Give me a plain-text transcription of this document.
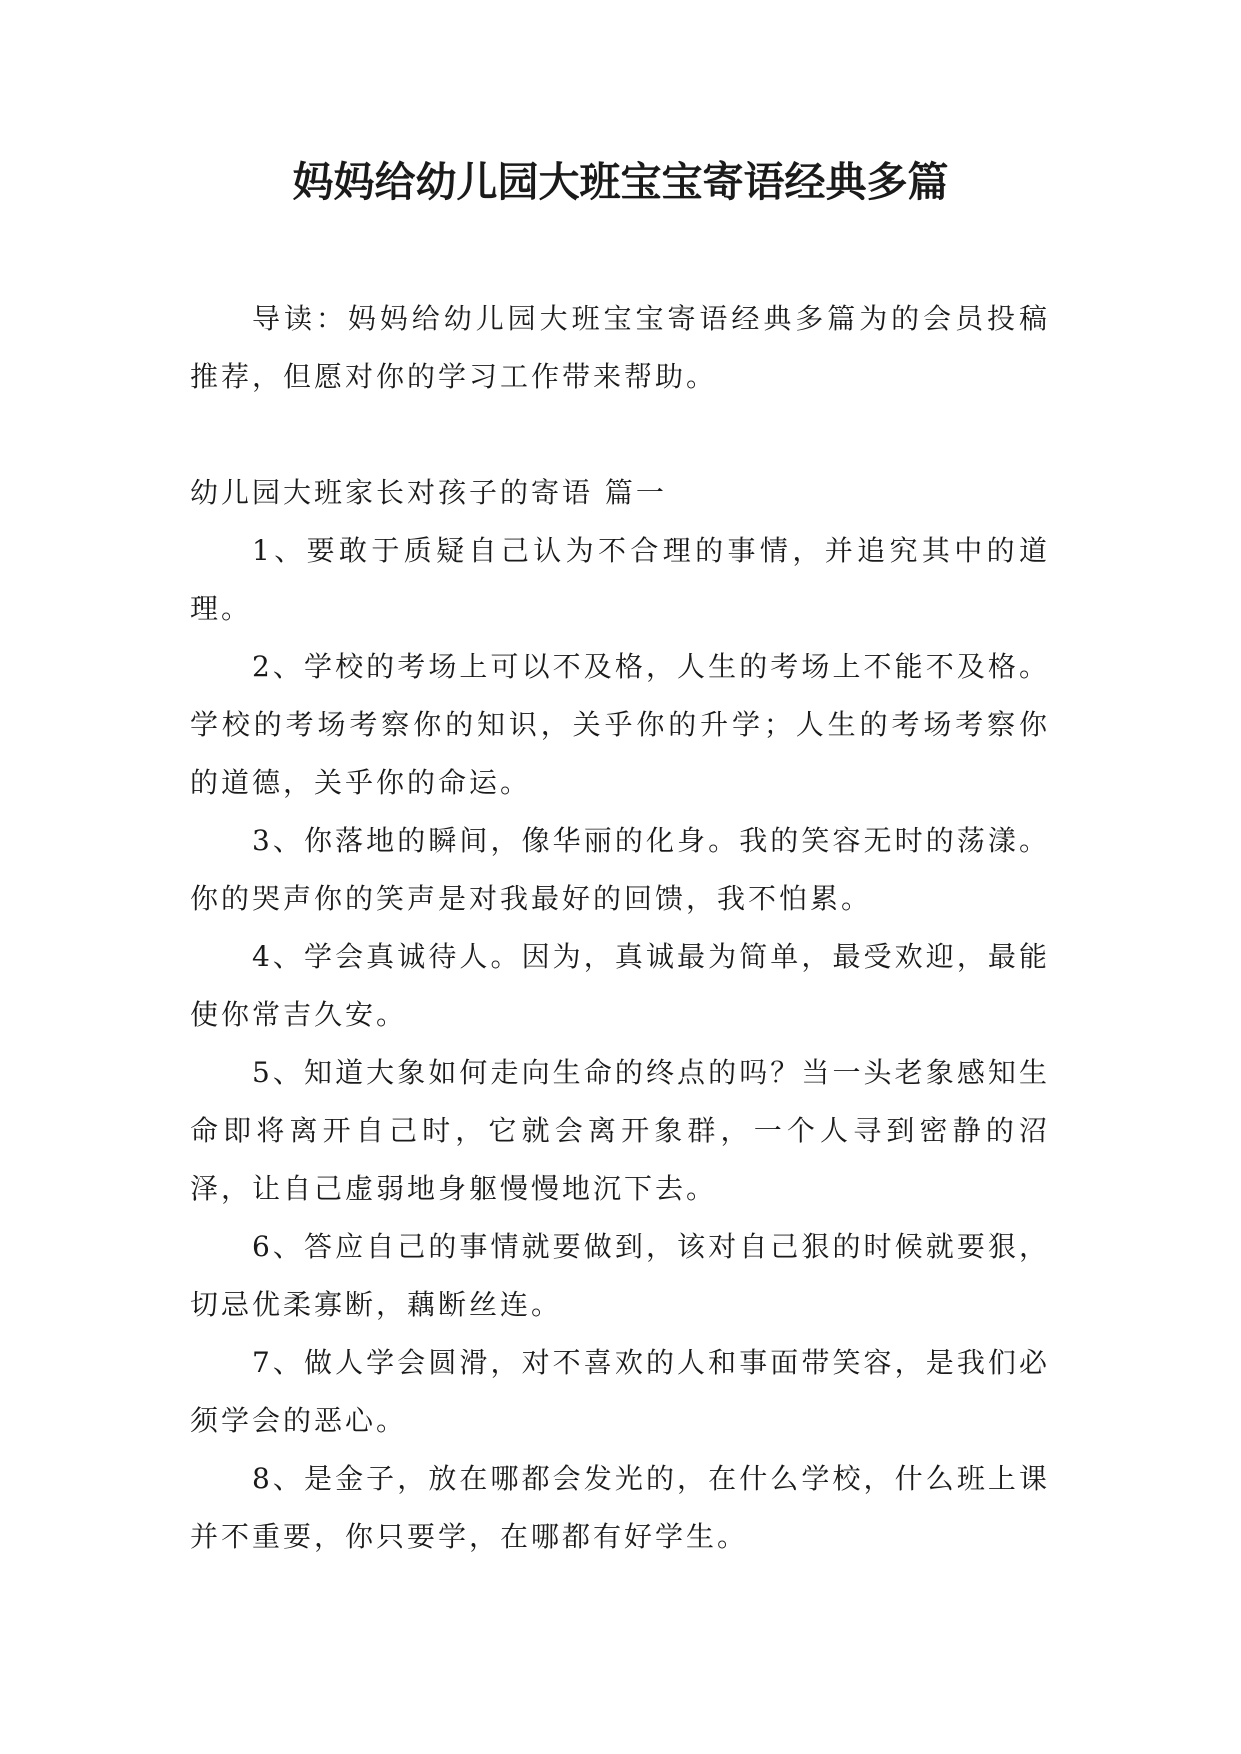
妈妈给幼儿园大班宝宝寄语经典多篇

导读：妈妈给幼儿园大班宝宝寄语经典多篇为的会员投稿推荐，但愿对你的学习工作带来帮助。

幼儿园大班家长对孩子的寄语 篇一

1、要敢于质疑自己认为不合理的事情，并追究其中的道理。

2、学校的考场上可以不及格，人生的考场上不能不及格。学校的考场考察你的知识，关乎你的升学；人生的考场考察你的道德，关乎你的命运。

3、你落地的瞬间，像华丽的化身。我的笑容无时的荡漾。你的哭声你的笑声是对我最好的回馈，我不怕累。

4、学会真诚待人。因为，真诚最为简单，最受欢迎，最能使你常吉久安。

5、知道大象如何走向生命的终点的吗？当一头老象感知生命即将离开自己时，它就会离开象群，一个人寻到密静的沼泽，让自己虚弱地身躯慢慢地沉下去。

6、答应自己的事情就要做到，该对自己狠的时候就要狠，切忌优柔寡断，藕断丝连。

7、做人学会圆滑，对不喜欢的人和事面带笑容，是我们必须学会的恶心。

8、是金子，放在哪都会发光的，在什么学校，什么班上课并不重要，你只要学，在哪都有好学生。
